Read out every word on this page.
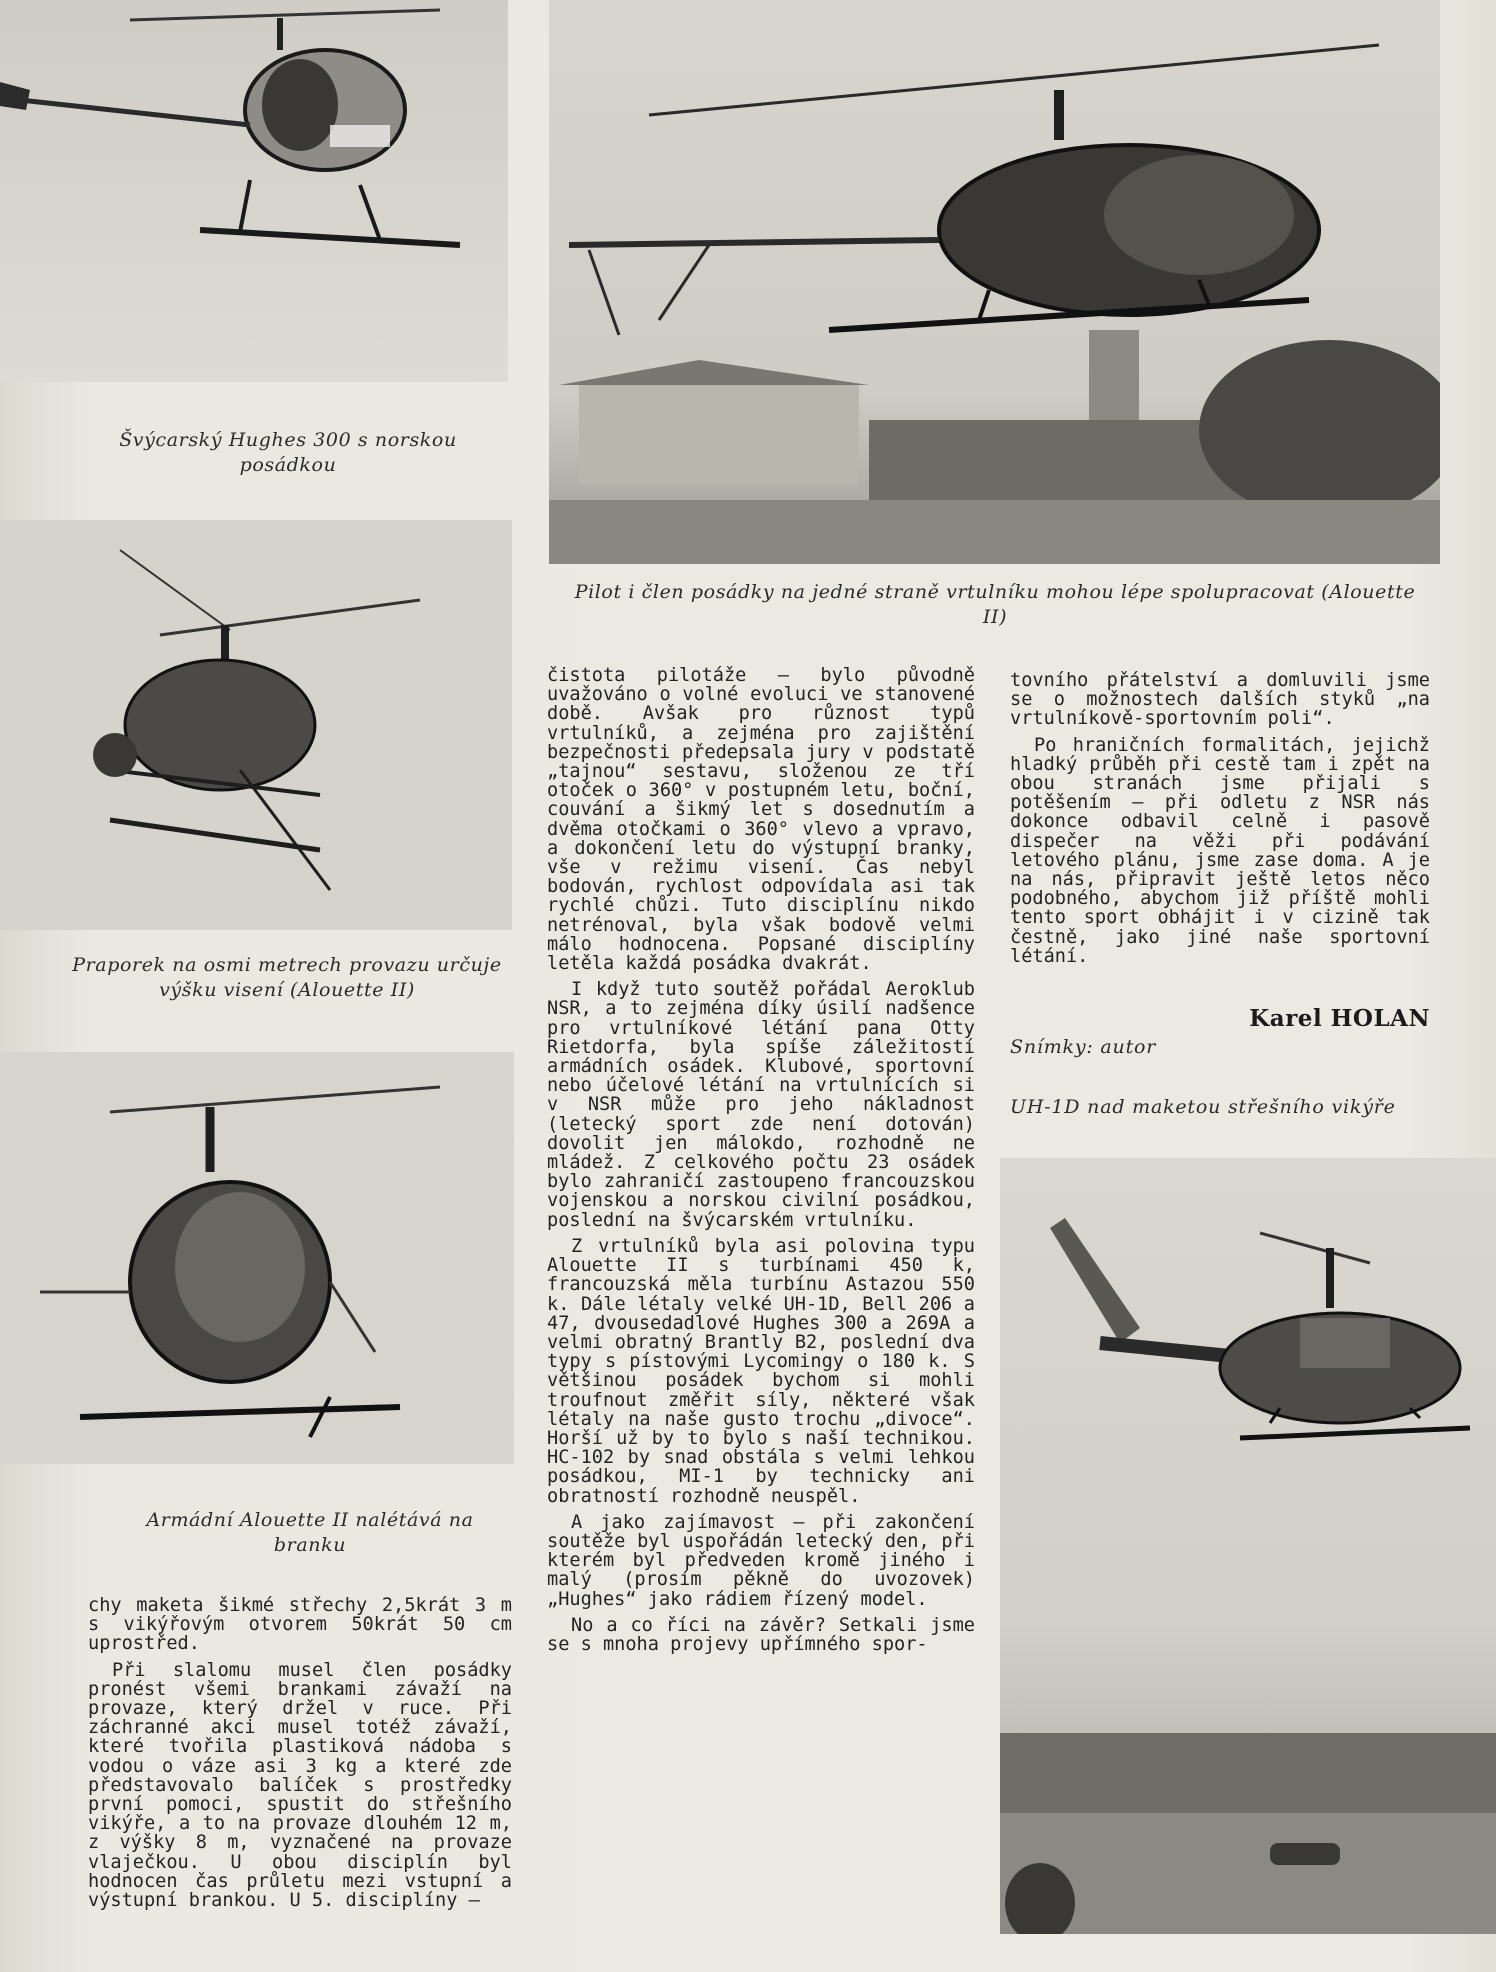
Švýcarský Hughes 300 s norskou posádkou
Pilot i člen posádky na jedné straně vrtulníku mohou lépe spolupracovat (Alouette II)
Praporek na osmi metrech provazu určuje výšku visení (Alouette II)
Armádní Alouette II nalétává na branku

chy maketa šikmé střechy 2,5krát 3 m s vikýřovým otvorem 50krát 50 cm uprostřed.

Při slalomu musel člen posádky pronést všemi brankami závaží na provaze, který držel v ruce. Při záchranné akci musel totéž závaží, které tvořila plastiková nádoba s vodou o váze asi 3 kg a které zde představovalo balíček s prostředky první pomoci, spustit do střešního vikýře, a to na provaze dlouhém 12 m, z výšky 8 m, vyznačené na provaze vlaječkou. U obou disciplín byl hodnocen čas průletu mezi vstupní a výstupní brankou. U 5. disciplíny —

čistota pilotáže — bylo původně uvažováno o volné evoluci ve stanovené době. Avšak pro různost typů vrtulníků, a zejména pro zajištění bezpečnosti předepsala jury v podstatě „tajnou“ sestavu, složenou ze tří otoček o 360° v postupném letu, boční, couvání a šikmý let s dosednutím a dvěma otočkami o 360° vlevo a vpravo, a dokončení letu do výstupní branky, vše v režimu visení. Čas nebyl bodován, rychlost odpovídala asi tak rychlé chůzi. Tuto disciplínu nikdo netrénoval, byla však bodově velmi málo hodnocena. Popsané disciplíny letěla každá posádka dvakrát.

I když tuto soutěž pořádal Aeroklub NSR, a to zejména díky úsilí nadšence pro vrtulníkové létání pana Otty Rietdorfa, byla spíše záležitostí armádních osádek. Klubové, sportovní nebo účelové létání na vrtulnících si v NSR může pro jeho nákladnost (letecký sport zde není dotován) dovolit jen málokdo, rozhodně ne mládež. Z celkového počtu 23 osádek bylo zahraničí zastoupeno francouzskou vojenskou a norskou civilní posádkou, poslední na švýcarském vrtulníku.

Z vrtulníků byla asi polovina typu Alouette II s turbínami 450 k, francouzská měla turbínu Astazou 550 k. Dále létaly velké UH-1D, Bell 206 a 47, dvousedadlové Hughes 300 a 269A a velmi obratný Brantly B2, poslední dva typy s pístovými Lycomingy o 180 k. S většinou posádek bychom si mohli troufnout změřit síly, některé však létaly na naše gusto trochu „divoce“. Horší už by to bylo s naší technikou. HC-102 by snad obstála s velmi lehkou posádkou, MI-1 by technicky ani obratností rozhodně neuspěl.

A jako zajímavost — při zakončení soutěže byl uspořádán letecký den, při kterém byl předveden kromě jiného i malý (prosím pěkně do uvozovek) „Hughes“ jako rádiem řízený model.

No a co říci na závěr? Setkali jsme se s mnoha projevy upřímného spor-

tovního přátelství a domluvili jsme se o možnostech dalších styků „na vrtulníkově-sportovním poli“.

Po hraničních formalitách, jejichž hladký průběh při cestě tam i zpět na obou stranách jsme přijali s potěšením — při odletu z NSR nás dokonce odbavil celně i pasově dispečer na věži při podávání letového plánu, jsme zase doma. A je na nás, připravit ještě letos něco podobného, abychom již příště mohli tento sport obhájit i v cizině tak čestně, jako jiné naše sportovní létání.

Karel HOLAN
Snímky: autor
UH-1D nad maketou střešního vikýře
